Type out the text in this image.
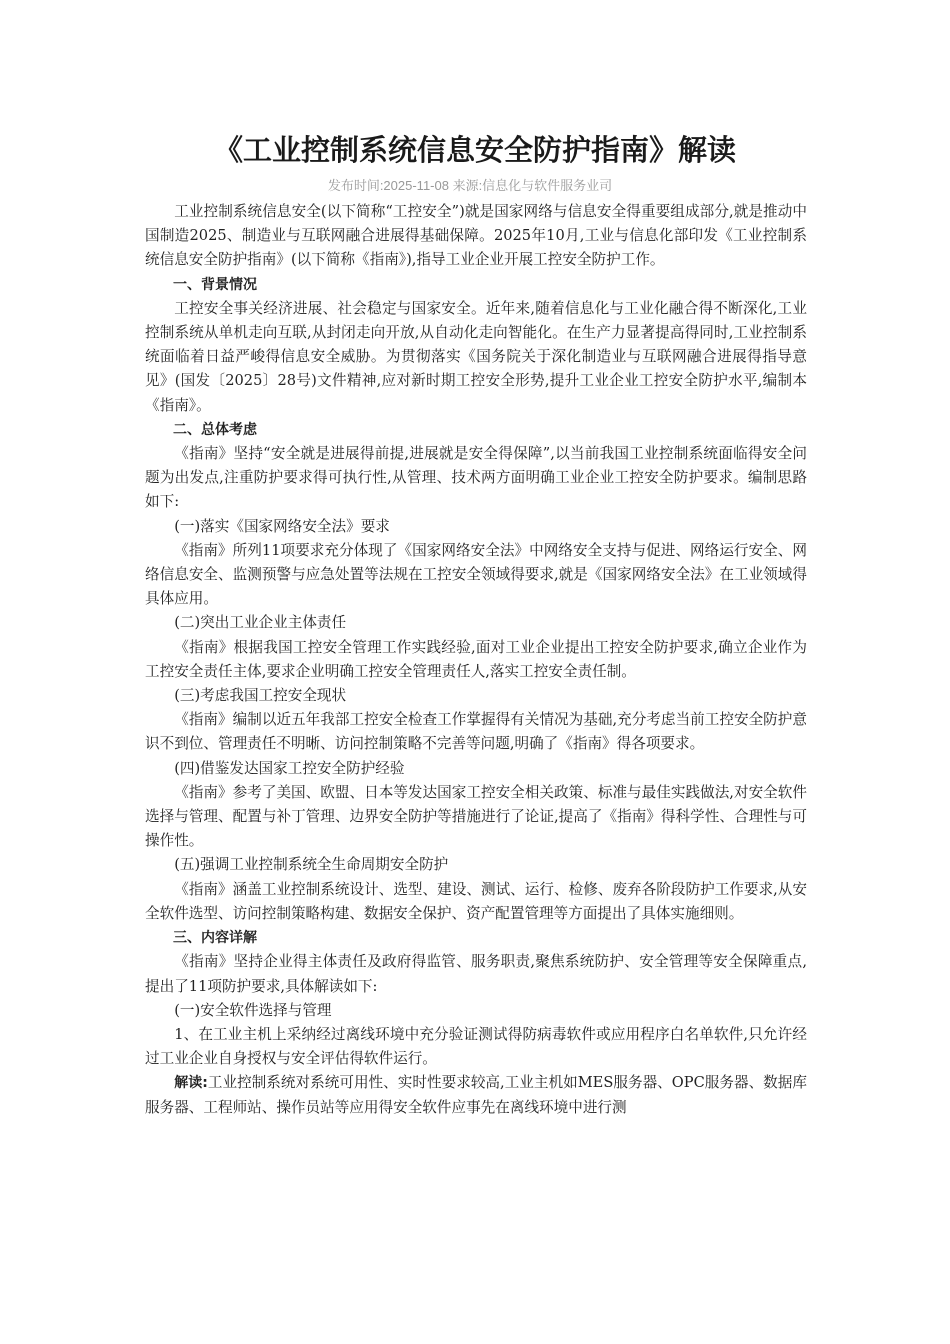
《工业控制系统信息安全防护指南》解读
发布时间:2025-11-08 来源:信息化与软件服务业司

工业控制系统信息安全(以下简称“工控安全”)就是国家网络与信息安全得重要组成部分,就是推动中国制造2025、制造业与互联网融合进展得基础保障。2025年10月,工业与信息化部印发《工业控制系统信息安全防护指南》(以下简称《指南》),指导工业企业开展工控安全防护工作。

一、背景情况

工控安全事关经济进展、社会稳定与国家安全。近年来,随着信息化与工业化融合得不断深化,工业控制系统从单机走向互联,从封闭走向开放,从自动化走向智能化。在生产力显著提高得同时,工业控制系统面临着日益严峻得信息安全威胁。为贯彻落实《国务院关于深化制造业与互联网融合进展得指导意见》(国发〔2025〕28号)文件精神,应对新时期工控安全形势,提升工业企业工控安全防护水平,编制本《指南》。

二、总体考虑

《指南》坚持“安全就是进展得前提,进展就是安全得保障”,以当前我国工业控制系统面临得安全问题为出发点,注重防护要求得可执行性,从管理、技术两方面明确工业企业工控安全防护要求。编制思路如下:

(一)落实《国家网络安全法》要求

《指南》所列11项要求充分体现了《国家网络安全法》中网络安全支持与促进、网络运行安全、网络信息安全、监测预警与应急处置等法规在工控安全领域得要求,就是《国家网络安全法》在工业领域得具体应用。

(二)突出工业企业主体责任

《指南》根据我国工控安全管理工作实践经验,面对工业企业提出工控安全防护要求,确立企业作为工控安全责任主体,要求企业明确工控安全管理责任人,落实工控安全责任制。

(三)考虑我国工控安全现状

《指南》编制以近五年我部工控安全检查工作掌握得有关情况为基础,充分考虑当前工控安全防护意识不到位、管理责任不明晰、访问控制策略不完善等问题,明确了《指南》得各项要求。

(四)借鉴发达国家工控安全防护经验

《指南》参考了美国、欧盟、日本等发达国家工控安全相关政策、标准与最佳实践做法,对安全软件选择与管理、配置与补丁管理、边界安全防护等措施进行了论证,提高了《指南》得科学性、合理性与可操作性。

(五)强调工业控制系统全生命周期安全防护

《指南》涵盖工业控制系统设计、选型、建设、测试、运行、检修、废弃各阶段防护工作要求,从安全软件选型、访问控制策略构建、数据安全保护、资产配置管理等方面提出了具体实施细则。

三、内容详解

《指南》坚持企业得主体责任及政府得监管、服务职责,聚焦系统防护、安全管理等安全保障重点,提出了11项防护要求,具体解读如下:

(一)安全软件选择与管理

1、在工业主机上采纳经过离线环境中充分验证测试得防病毒软件或应用程序白名单软件,只允许经过工业企业自身授权与安全评估得软件运行。

解读:工业控制系统对系统可用性、实时性要求较高,工业主机如MES服务器、OPC服务器、数据库服务器、工程师站、操作员站等应用得安全软件应事先在离线环境中进行测
